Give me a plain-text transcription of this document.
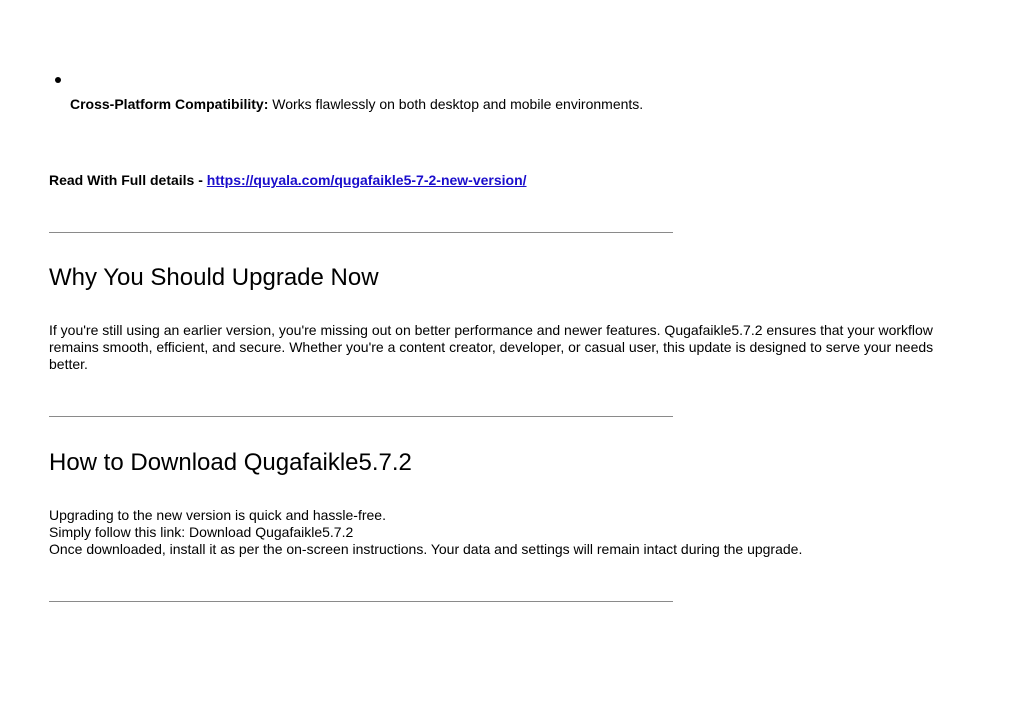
Cross-Platform Compatibility: Works flawlessly on both desktop and mobile environments.
Read With Full details - https://quyala.com/qugafaikle5-7-2-new-version/
Why You Should Upgrade Now

If you're still using an earlier version, you're missing out on better performance and newer features. Qugafaikle5.7.2 ensures that your workflow
remains smooth, efficient, and secure. Whether you're a content creator, developer, or casual user, this update is designed to serve your needs
better.

How to Download Qugafaikle5.7.2

Upgrading to the new version is quick and hassle-free.
Simply follow this link: Download Qugafaikle5.7.2
Once downloaded, install it as per the on-screen instructions. Your data and settings will remain intact during the upgrade.
